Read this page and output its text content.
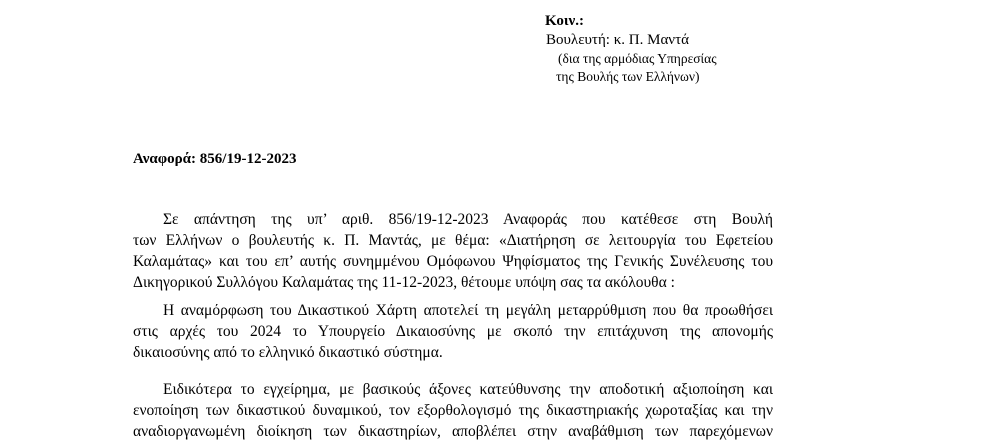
Κοιν.:
Βουλευτή: κ. Π. Μαντά
(δια της αρμόδιας Υπηρεσίας
της Βουλής των Ελλήνων)
Αναφορά: 856/19-12-2023
Σε απάντηση της υπ’ αριθ. 856/19-12-2023 Αναφοράς που κατέθεσε στη Βουλή
των Ελλήνων ο βουλευτής κ. Π. Μαντάς, με θέμα: «Διατήρηση σε λειτουργία του Εφετείου
Καλαμάτας» και του επ’ αυτής συνημμένου Ομόφωνου Ψηφίσματος της Γενικής Συνέλευσης του
Δικηγορικού Συλλόγου Καλαμάτας της 11-12-2023, θέτουμε υπόψη σας τα ακόλουθα :
Η αναμόρφωση του Δικαστικού Χάρτη αποτελεί τη μεγάλη μεταρρύθμιση που θα προωθήσει
στις αρχές του 2024 το Υπουργείο Δικαιοσύνης με σκοπό την επιτάχυνση της απονομής
δικαιοσύνης από το ελληνικό δικαστικό σύστημα.
Ειδικότερα το εγχείρημα, με βασικούς άξονες κατεύθυνσης την αποδοτική αξιοποίηση και
ενοποίηση των δικαστικού δυναμικού, τον εξορθολογισμό της δικαστηριακής χωροταξίας και την
αναδιοργανωμένη διοίκηση των δικαστηρίων, αποβλέπει στην αναβάθμιση των παρεχόμενων
